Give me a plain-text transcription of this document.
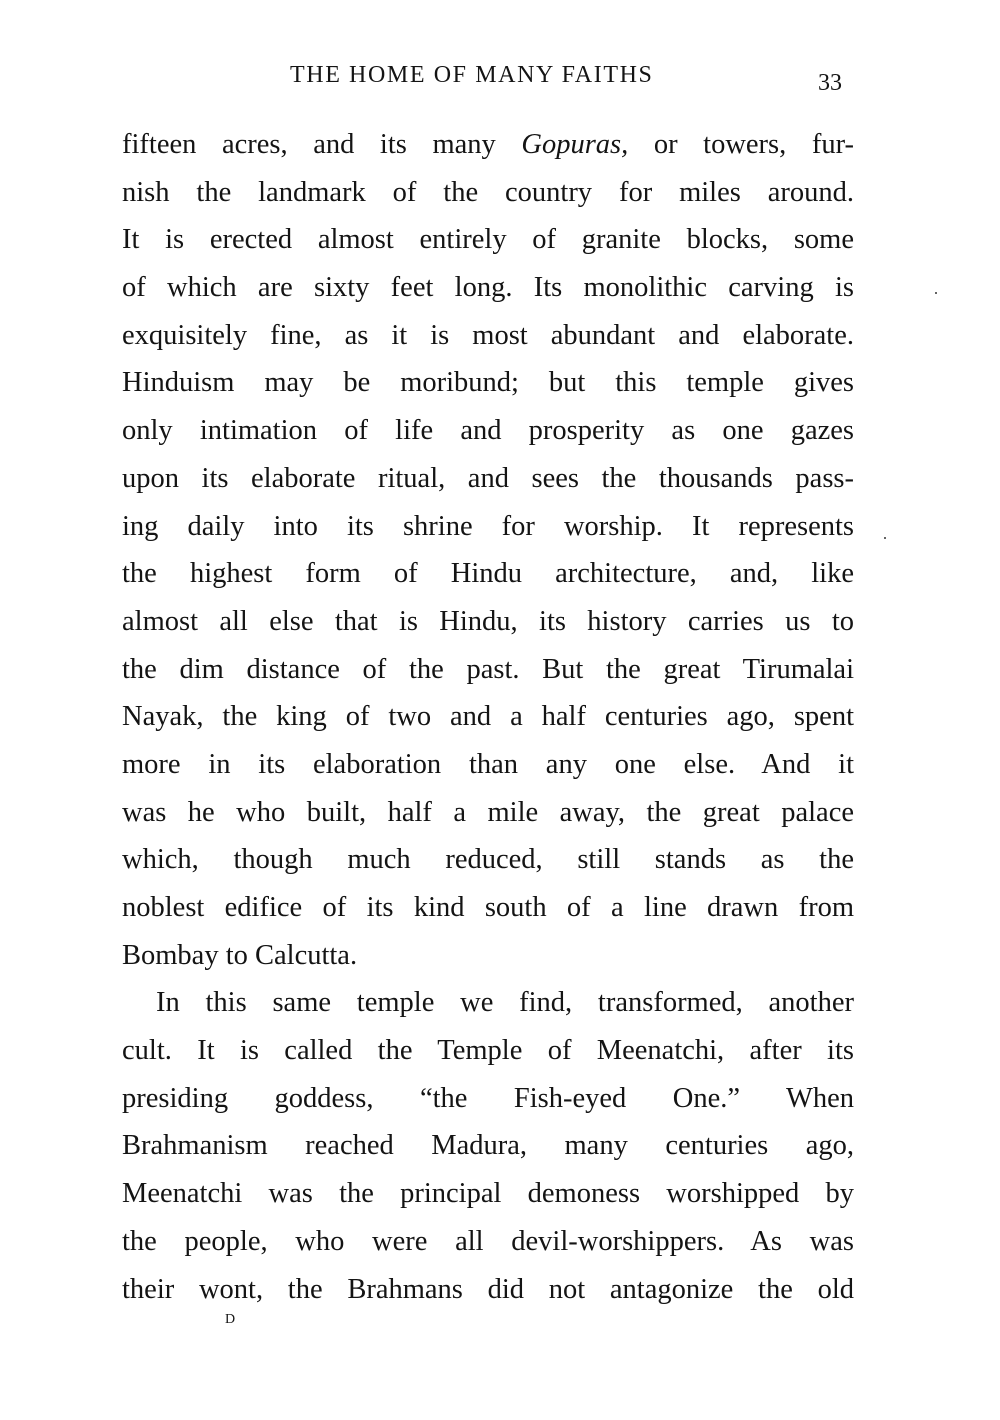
THE HOME OF MANY FAITHS	33
fifteen acres, and its many Gopuras, or towers, fur-
nish the landmark of the country for miles around.
It is erected almost entirely of granite blocks, some
of which are sixty feet long. Its monolithic carving is
exquisitely fine, as it is most abundant and elaborate.
Hinduism may be moribund; but this temple gives
only intimation of life and prosperity as one gazes
upon its elaborate ritual, and sees the thousands pass-
ing daily into its shrine for worship. It represents
the highest form of Hindu architecture, and, like
almost all else that is Hindu, its history carries us to
the dim distance of the past. But the great Tirumalai
Nayak, the king of two and a half centuries ago, spent
more in its elaboration than any one else. And it
was he who built, half a mile away, the great palace
which, though much reduced, still stands as the
noblest edifice of its kind south of a line drawn from
Bombay to Calcutta.
In this same temple we find, transformed, another
cult. It is called the Temple of Meenatchi, after its
presiding goddess, “the Fish-eyed One.” When
Brahmanism reached Madura, many centuries ago,
Meenatchi was the principal demoness worshipped by
the people, who were all devil-worshippers. As was
their wont, the Brahmans did not antagonize the old
D
